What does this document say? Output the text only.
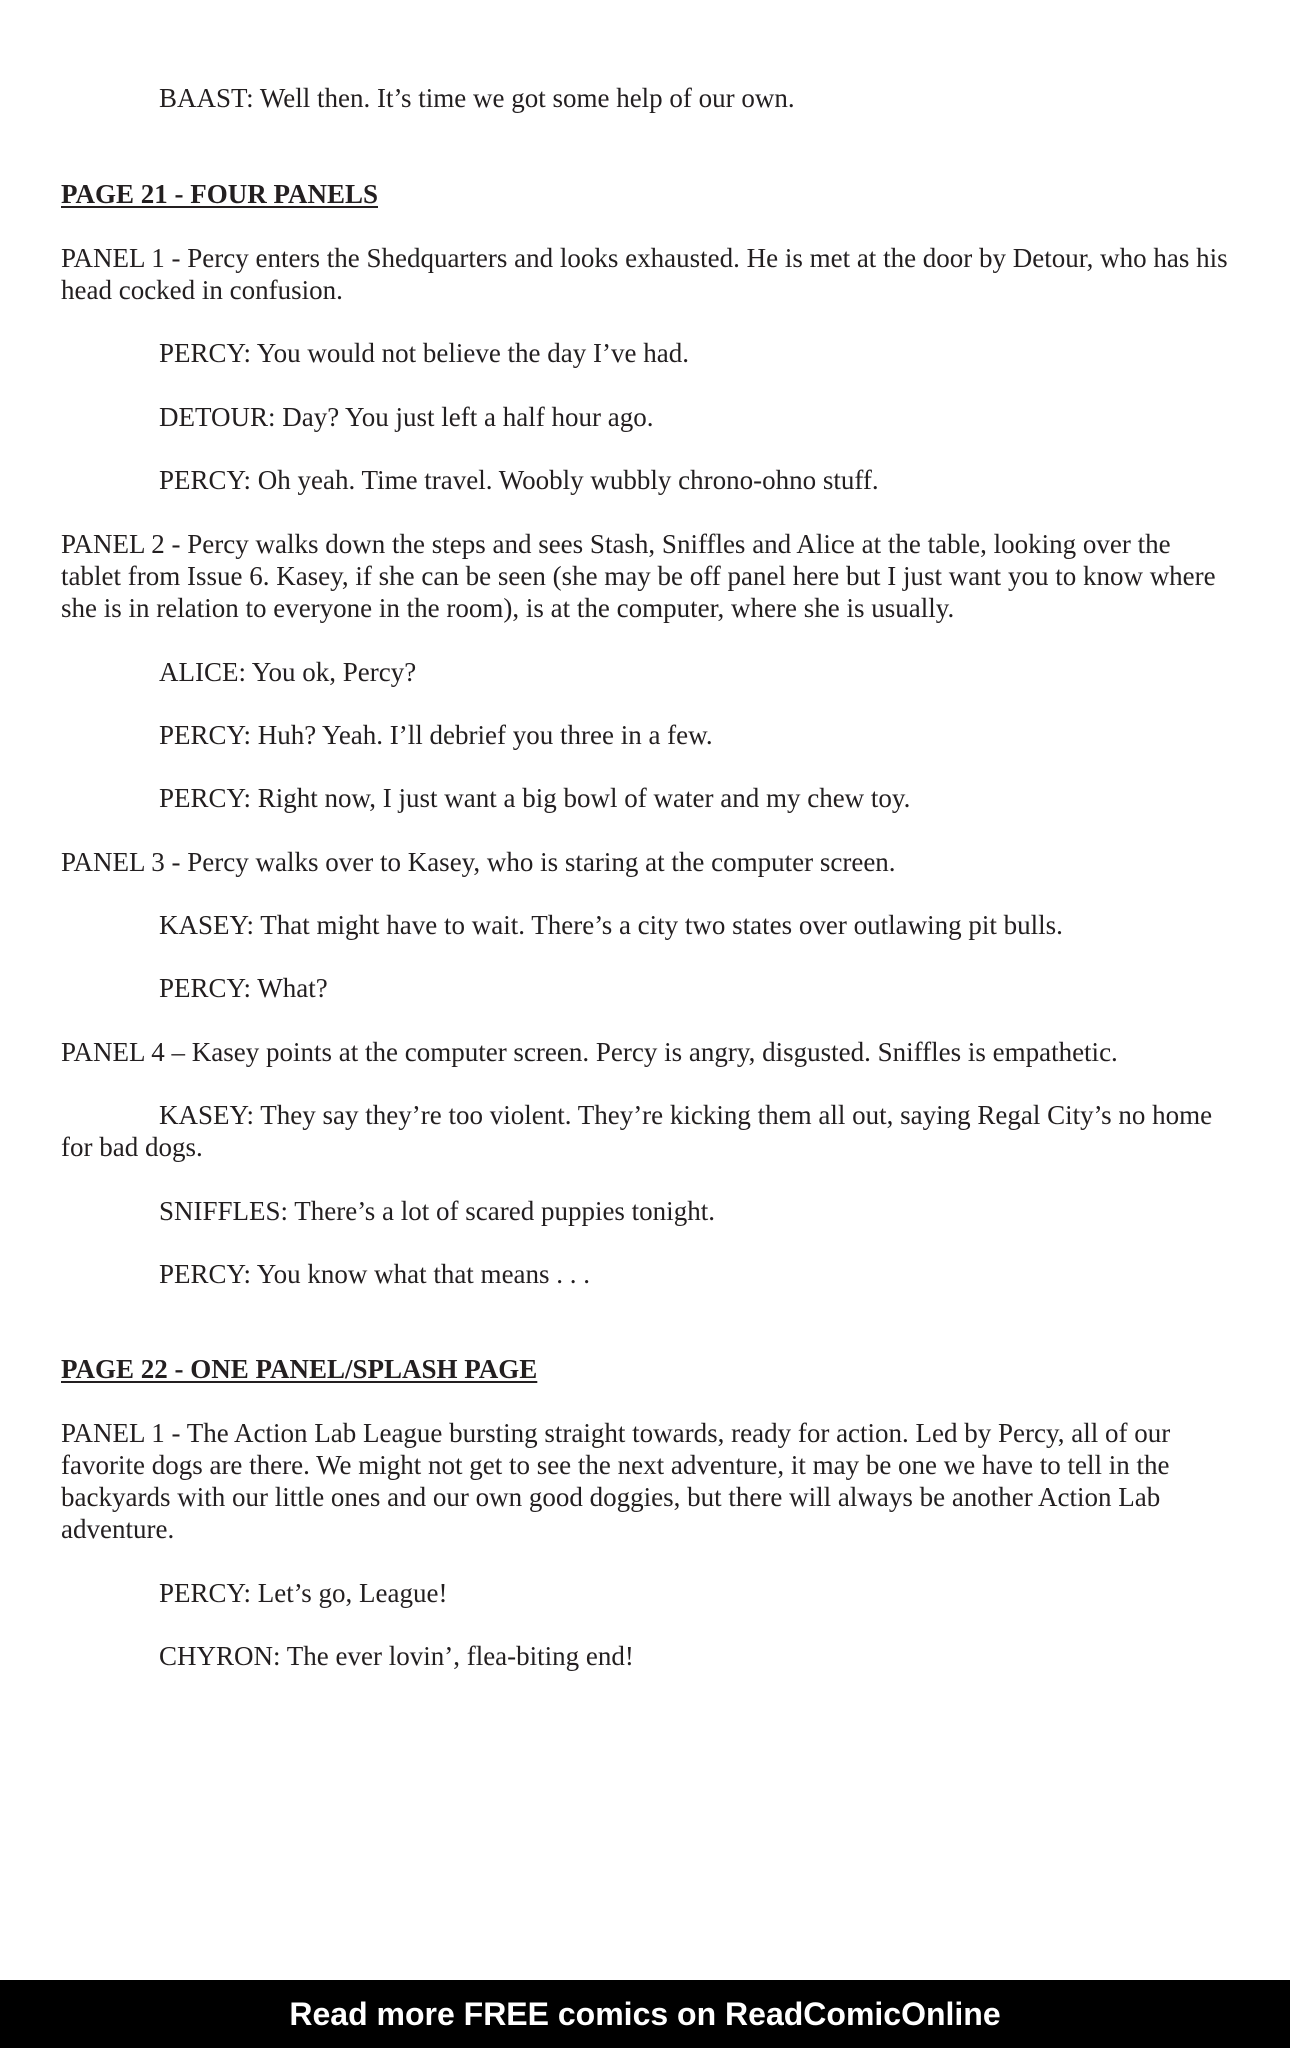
BAAST: Well then. It’s time we got some help of our own.
PAGE 21 - FOUR PANELS
PANEL 1 - Percy enters the Shedquarters and looks exhausted. He is met at the door by Detour, who has his head cocked in confusion.
PERCY: You would not believe the day I’ve had.
DETOUR: Day? You just left a half hour ago.
PERCY: Oh yeah. Time travel. Woobly wubbly chrono-ohno stuff.
PANEL 2 - Percy walks down the steps and sees Stash, Sniffles and Alice at the table, looking over the tablet from Issue 6. Kasey, if she can be seen (she may be off panel here but I just want you to know where she is in relation to everyone in the room), is at the computer, where she is usually.
ALICE: You ok, Percy?
PERCY: Huh? Yeah. I’ll debrief you three in a few.
PERCY: Right now, I just want a big bowl of water and my chew toy.
PANEL 3 - Percy walks over to Kasey, who is staring at the computer screen.
KASEY: That might have to wait. There’s a city two states over outlawing pit bulls.
PERCY: What?
PANEL 4 – Kasey points at the computer screen. Percy is angry, disgusted. Sniffles is empathetic.
KASEY: They say they’re too violent. They’re kicking them all out, saying Regal City’s no home for bad dogs.
SNIFFLES: There’s a lot of scared puppies tonight.
PERCY: You know what that means . . .
PAGE 22 - ONE PANEL/SPLASH PAGE
PANEL 1 - The Action Lab League bursting straight towards, ready for action. Led by Percy, all of our favorite dogs are there. We might not get to see the next adventure, it may be one we have to tell in the backyards with our little ones and our own good doggies, but there will always be another Action Lab adventure.
PERCY: Let’s go, League!
CHYRON: The ever lovin’, flea-biting end!
Read more FREE comics on ReadComicOnline
